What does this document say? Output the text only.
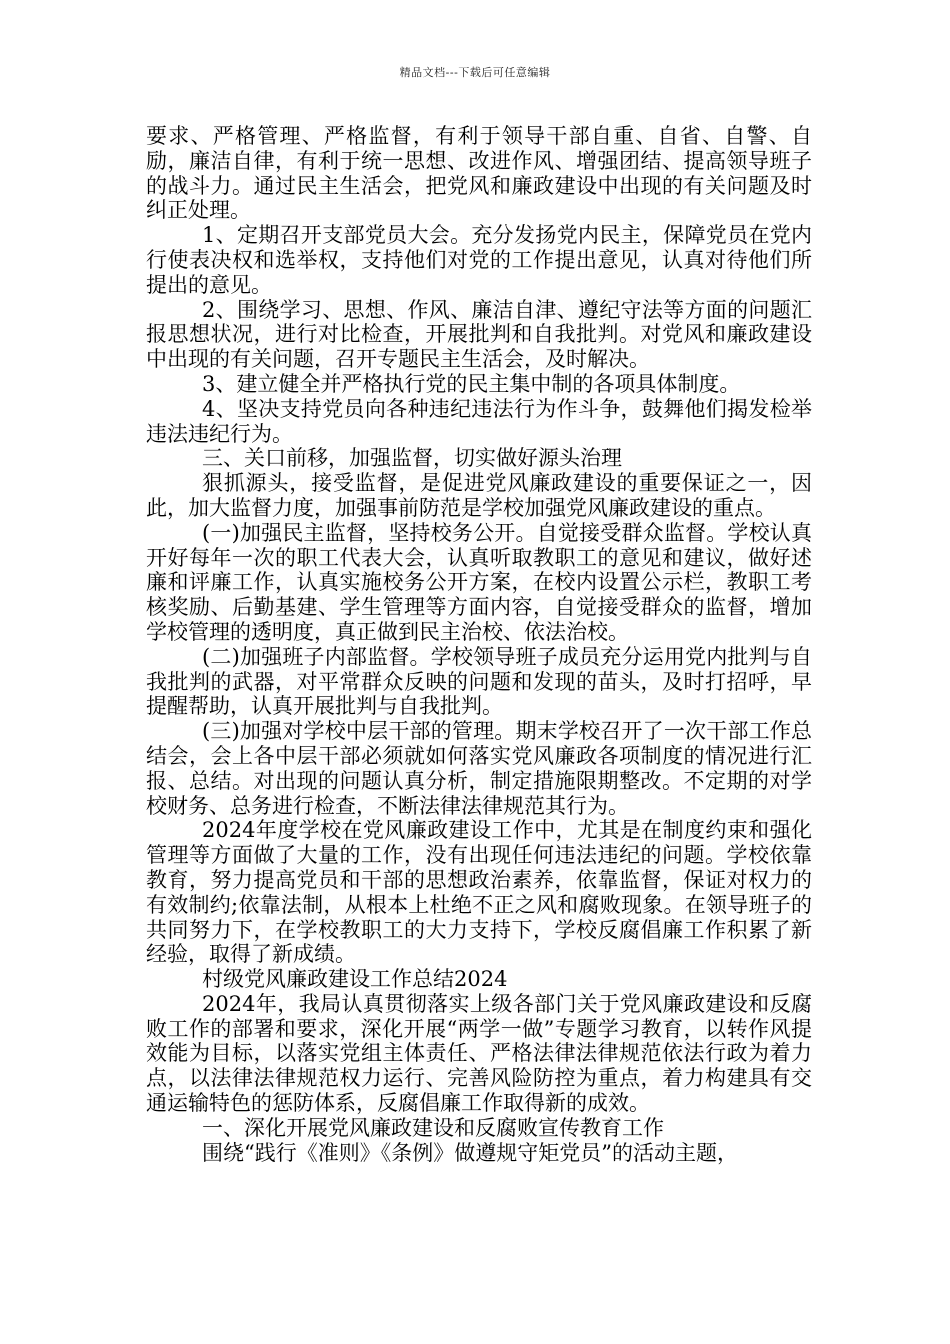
精品文档---下载后可任意编辑

要求、严格管理、严格监督，有利于领导干部自重、自省、自警、自励，廉洁自律，有利于统一思想、改进作风、增强团结、提高领导班子的战斗力。通过民主生活会，把党风和廉政建设中出现的有关问题及时纠正处理。

1、定期召开支部党员大会。充分发扬党内民主，保障党员在党内行使表决权和选举权，支持他们对党的工作提出意见，认真对待他们所提出的意见。

2、围绕学习、思想、作风、廉洁自津、遵纪守法等方面的问题汇报思想状况，进行对比检查，开展批判和自我批判。对党风和廉政建设中出现的有关问题，召开专题民主生活会，及时解决。

3、建立健全并严格执行党的民主集中制的各项具体制度。

4、坚决支持党员向各种违纪违法行为作斗争，鼓舞他们揭发检举违法违纪行为。

三、关口前移，加强监督，切实做好源头治理

狠抓源头，接受监督，是促进党风廉政建设的重要保证之一，因此，加大监督力度，加强事前防范是学校加强党风廉政建设的重点。

(一)加强民主监督，坚持校务公开。自觉接受群众监督。学校认真开好每年一次的职工代表大会，认真听取教职工的意见和建议，做好述廉和评廉工作，认真实施校务公开方案，在校内设置公示栏，教职工考核奖励、后勤基建、学生管理等方面内容，自觉接受群众的监督，增加学校管理的透明度，真正做到民主治校、依法治校。

(二)加强班子内部监督。学校领导班子成员充分运用党内批判与自我批判的武器，对平常群众反映的问题和发现的苗头，及时打招呼，早提醒帮助，认真开展批判与自我批判。

(三)加强对学校中层干部的管理。期末学校召开了一次干部工作总结会，会上各中层干部必须就如何落实党风廉政各项制度的情况进行汇报、总结。对出现的问题认真分析，制定措施限期整改。不定期的对学校财务、总务进行检查，不断法律法律规范其行为。

2024年度学校在党风廉政建设工作中，尤其是在制度约束和强化管理等方面做了大量的工作，没有出现任何违法违纪的问题。学校依靠教育，努力提高党员和干部的思想政治素养，依靠监督，保证对权力的有效制约;依靠法制，从根本上杜绝不正之风和腐败现象。在领导班子的共同努力下，在学校教职工的大力支持下，学校反腐倡廉工作积累了新经验，取得了新成绩。

村级党风廉政建设工作总结2024

2024年，我局认真贯彻落实上级各部门关于党风廉政建设和反腐败工作的部署和要求，深化开展“两学一做”专题学习教育，以转作风提效能为目标，以落实党组主体责任、严格法律法律规范依法行政为着力点，以法律法律规范权力运行、完善风险防控为重点，着力构建具有交通运输特色的惩防体系，反腐倡廉工作取得新的成效。

一、深化开展党风廉政建设和反腐败宣传教育工作

围绕“践行《准则》《条例》做遵规守矩党员”的活动主题，
